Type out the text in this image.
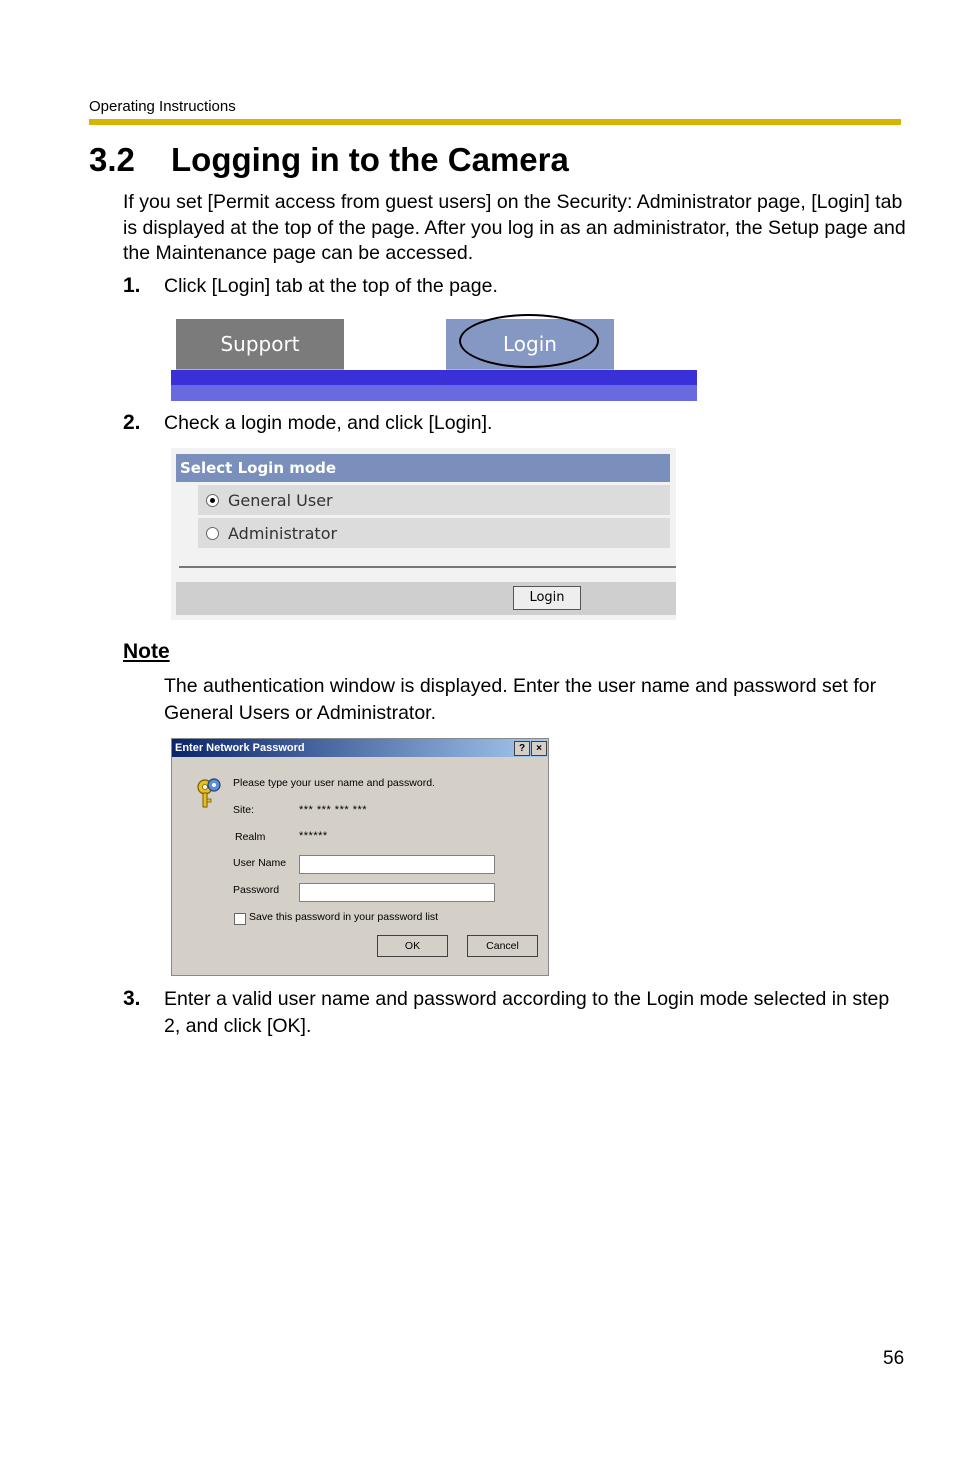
Operating Instructions
3.2 Logging in to the Camera
If you set [Permit access from guest users] on the Security: Administrator page, [Login] tab is displayed at the top of the page. After you log in as an administrator, the Setup page and the Maintenance page can be accessed.
1. Click [Login] tab at the top of the page.
Support	Login
2. Check a login mode, and click [Login].
Select Login mode
General User
Administrator
Login
Note
The authentication window is displayed. Enter the user name and password set for General Users or Administrator.
Enter Network Password	?	×
Please type your user name and password.
Site:	*** *** *** ***
Realm	******
User Name
Password
Save this password in your password list
OK	Cancel
3. Enter a valid user name and password according to the Login mode selected in step 2, and click [OK].
56
